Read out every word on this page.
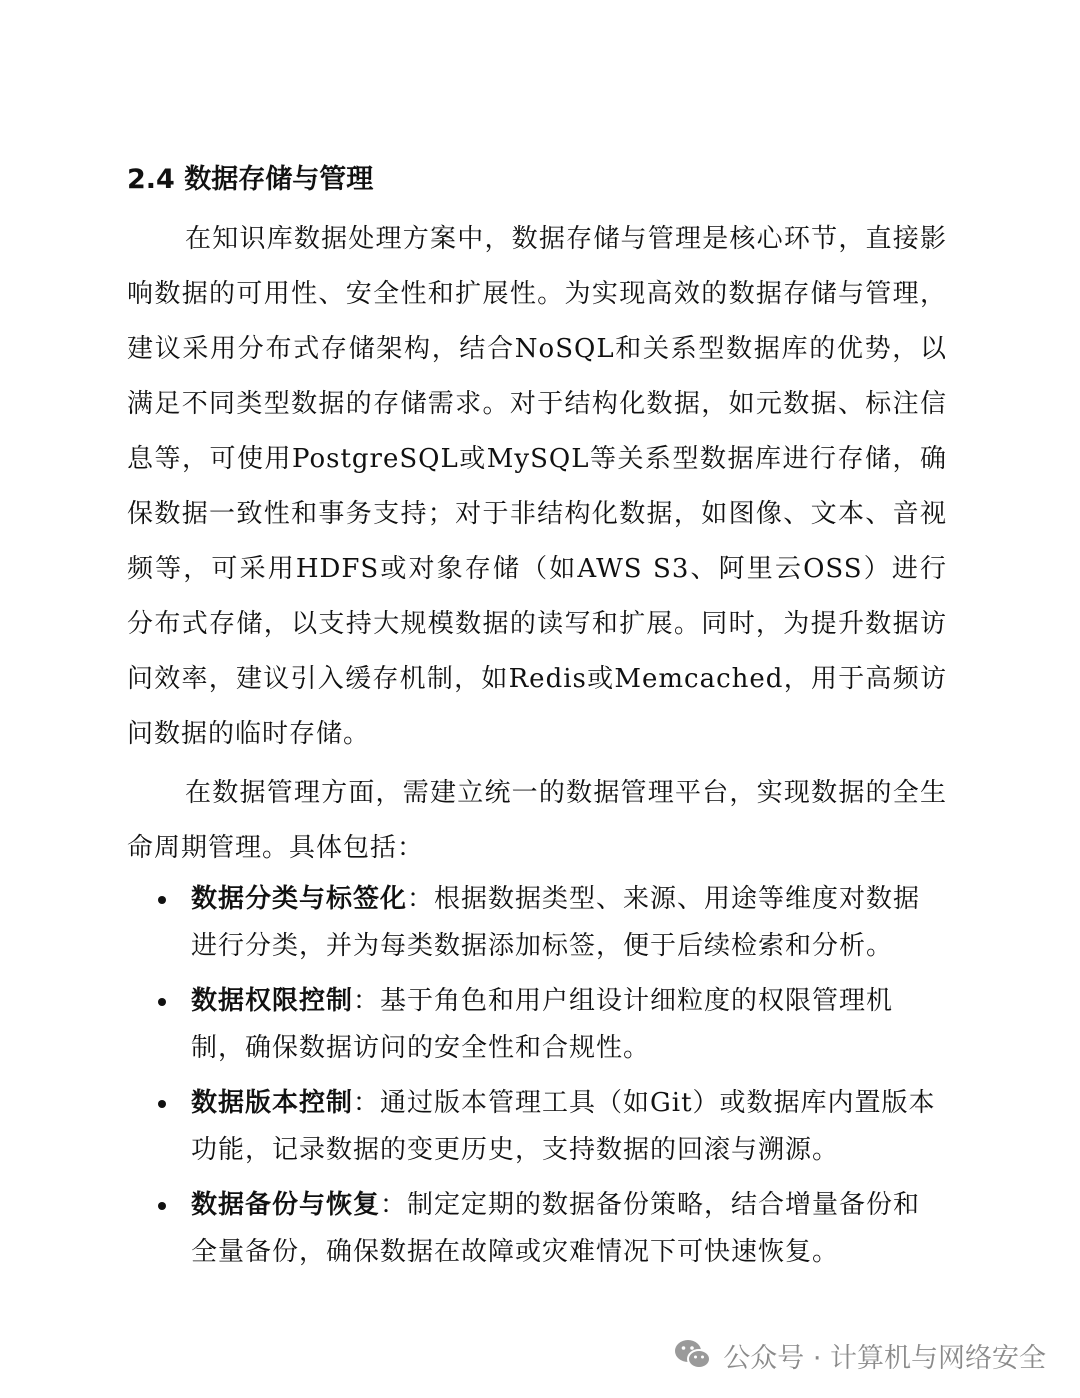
2.4 数据存储与管理

在知识库数据处理方案中，数据存储与管理是核心环节，直接影响数据的可用性、安全性和扩展性。为实现高效的数据存储与管理，建议采用分布式存储架构，结合NoSQL和关系型数据库的优势，以满足不同类型数据的存储需求。对于结构化数据，如元数据、标注信息等，可使用PostgreSQL或MySQL等关系型数据库进行存储，确保数据一致性和事务支持；对于非结构化数据，如图像、文本、音视频等，可采用HDFS或对象存储（如AWS S3、阿里云OSS）进行分布式存储，以支持大规模数据的读写和扩展。同时，为提升数据访问效率，建议引入缓存机制，如Redis或Memcached，用于高频访问数据的临时存储。

在数据管理方面，需建立统一的数据管理平台，实现数据的全生命周期管理。具体包括：

数据分类与标签化：根据数据类型、来源、用途等维度对数据进行分类，并为每类数据添加标签，便于后续检索和分析。
数据权限控制：基于角色和用户组设计细粒度的权限管理机制，确保数据访问的安全性和合规性。
数据版本控制：通过版本管理工具（如Git）或数据库内置版本功能，记录数据的变更历史，支持数据的回滚与溯源。
数据备份与恢复：制定定期的数据备份策略，结合增量备份和全量备份，确保数据在故障或灾难情况下可快速恢复。
公众号 · 计算机与网络安全
